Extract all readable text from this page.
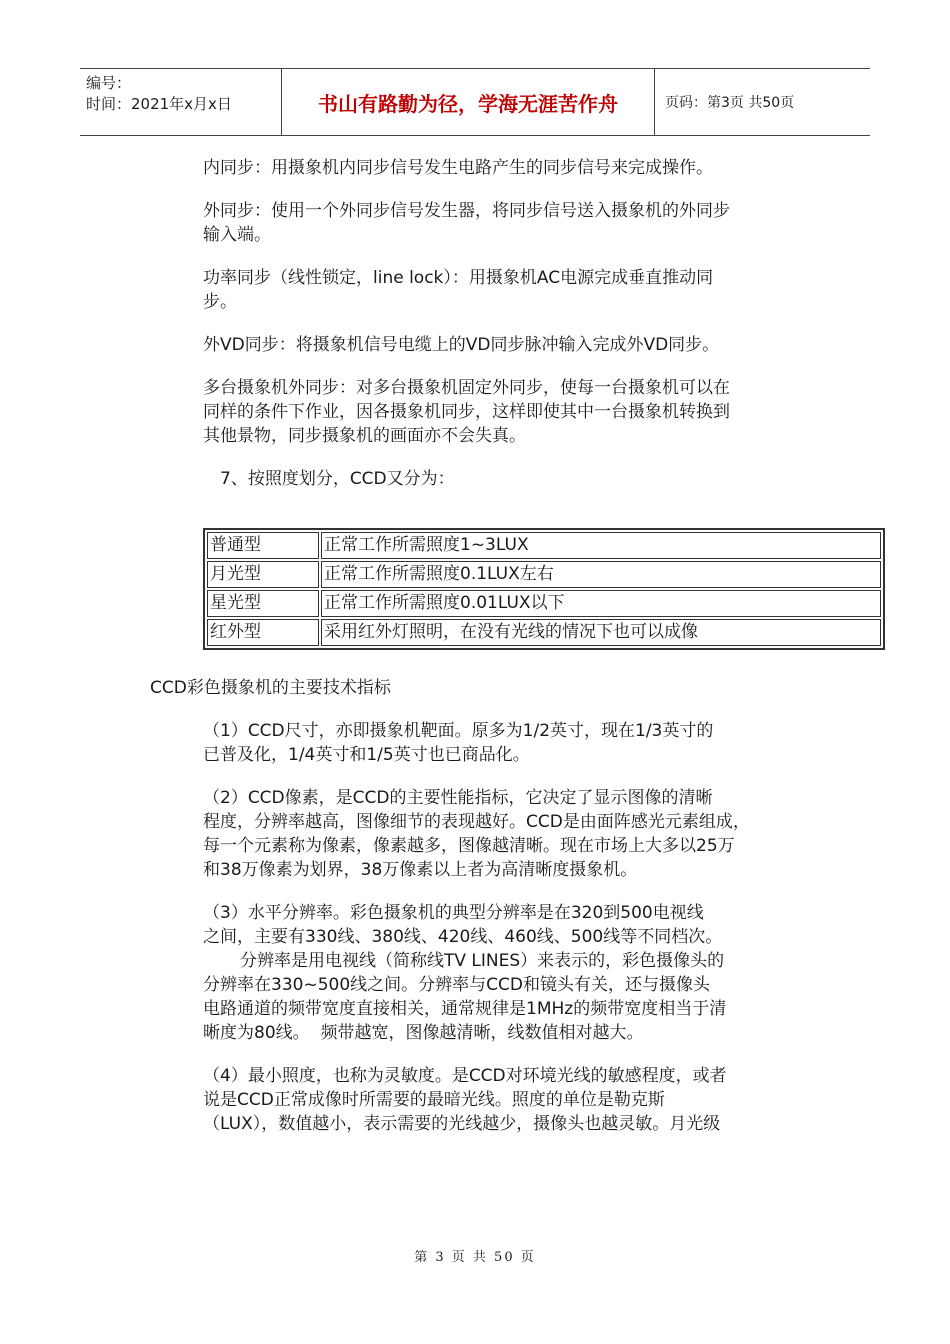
编号：
时间：2021年x月x日	书山有路勤为径，学海无涯苦作舟	页码：第3页 共50页

内同步：用摄象机内同步信号发生电路产生的同步信号来完成操作。

外同步：使用一个外同步信号发生器，将同步信号送入摄象机的外同步
输入端。

功率同步（线性锁定，line lock）：用摄象机AC电源完成垂直推动同
步。

外VD同步：将摄象机信号电缆上的VD同步脉冲输入完成外VD同步。

多台摄象机外同步：对多台摄象机固定外同步，使每一台摄象机可以在
同样的条件下作业，因各摄象机同步，这样即使其中一台摄象机转换到
其他景物，同步摄象机的画面亦不会失真。

7、按照度划分，CCD又分为：

普通型	正常工作所需照度1~3LUX
月光型	正常工作所需照度0.1LUX左右
星光型	正常工作所需照度0.01LUX以下
红外型	采用红外灯照明，在没有光线的情况下也可以成像

CCD彩色摄象机的主要技术指标

（1）CCD尺寸，亦即摄象机靶面。原多为1/2英寸，现在1/3英寸的
已普及化，1/4英寸和1/5英寸也已商品化。

（2）CCD像素，是CCD的主要性能指标，它决定了显示图像的清晰
程度，分辨率越高，图像细节的表现越好。CCD是由面阵感光元素组成，
每一个元素称为像素，像素越多，图像越清晰。现在市场上大多以25万
和38万像素为划界，38万像素以上者为高清晰度摄象机。

（3）水平分辨率。彩色摄象机的典型分辨率是在320到500电视线
之间，主要有330线、380线、420线、460线、500线等不同档次。

分辨率是用电视线（简称线TV LINES）来表示的，彩色摄像头的

分辨率在330~500线之间。分辨率与CCD和镜头有关，还与摄像头
电路通道的频带宽度直接相关，通常规律是1MHz的频带宽度相当于清
晰度为80线。  频带越宽，图像越清晰，线数值相对越大。

（4）最小照度，也称为灵敏度。是CCD对环境光线的敏感程度，或者
说是CCD正常成像时所需要的最暗光线。照度的单位是勒克斯
（LUX），数值越小，表示需要的光线越少，摄像头也越灵敏。月光级

第 3 页 共 50 页
